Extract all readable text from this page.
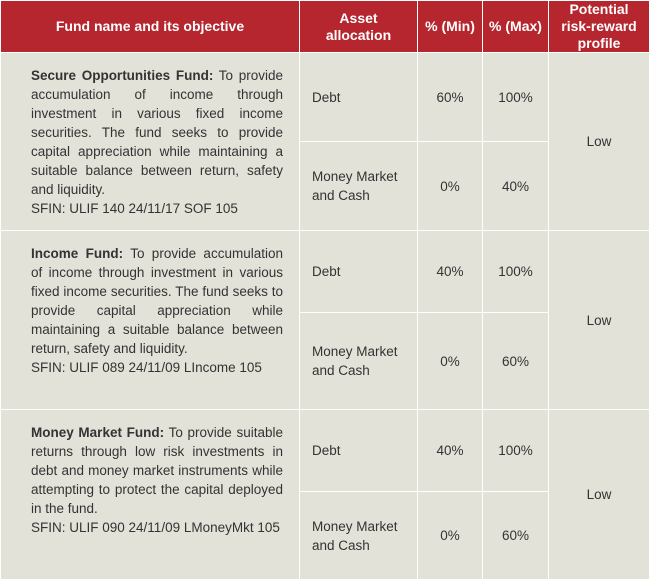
Fund name and its objective	Asset allocation	% (Min)	% (Max)	Potential risk-reward profile
Secure Opportunities Fund: To provide accumulation of income through investment in various fixed income securities. The fund seeks to provide capital appreciation while maintaining a suitable balance between return, safety and liquidity.
SFIN: ULIF 140 24/11/17 SOF 105	Debt	60%	100%	Low
	Money Market and Cash	0%	40%	
Income Fund: To provide accumulation of income through investment in various fixed income securities. The fund seeks to provide capital appreciation while maintaining a suitable balance between return, safety and liquidity.
SFIN: ULIF 089 24/11/09 LIncome 105	Debt	40%	100%	Low
	Money Market and Cash	0%	60%	
Money Market Fund: To provide suitable returns through low risk investments in debt and money market instruments while attempting to protect the capital deployed in the fund.
SFIN: ULIF 090 24/11/09 LMoneyMkt 105	Debt	40%	100%	Low
	Money Market and Cash	0%	60%	
